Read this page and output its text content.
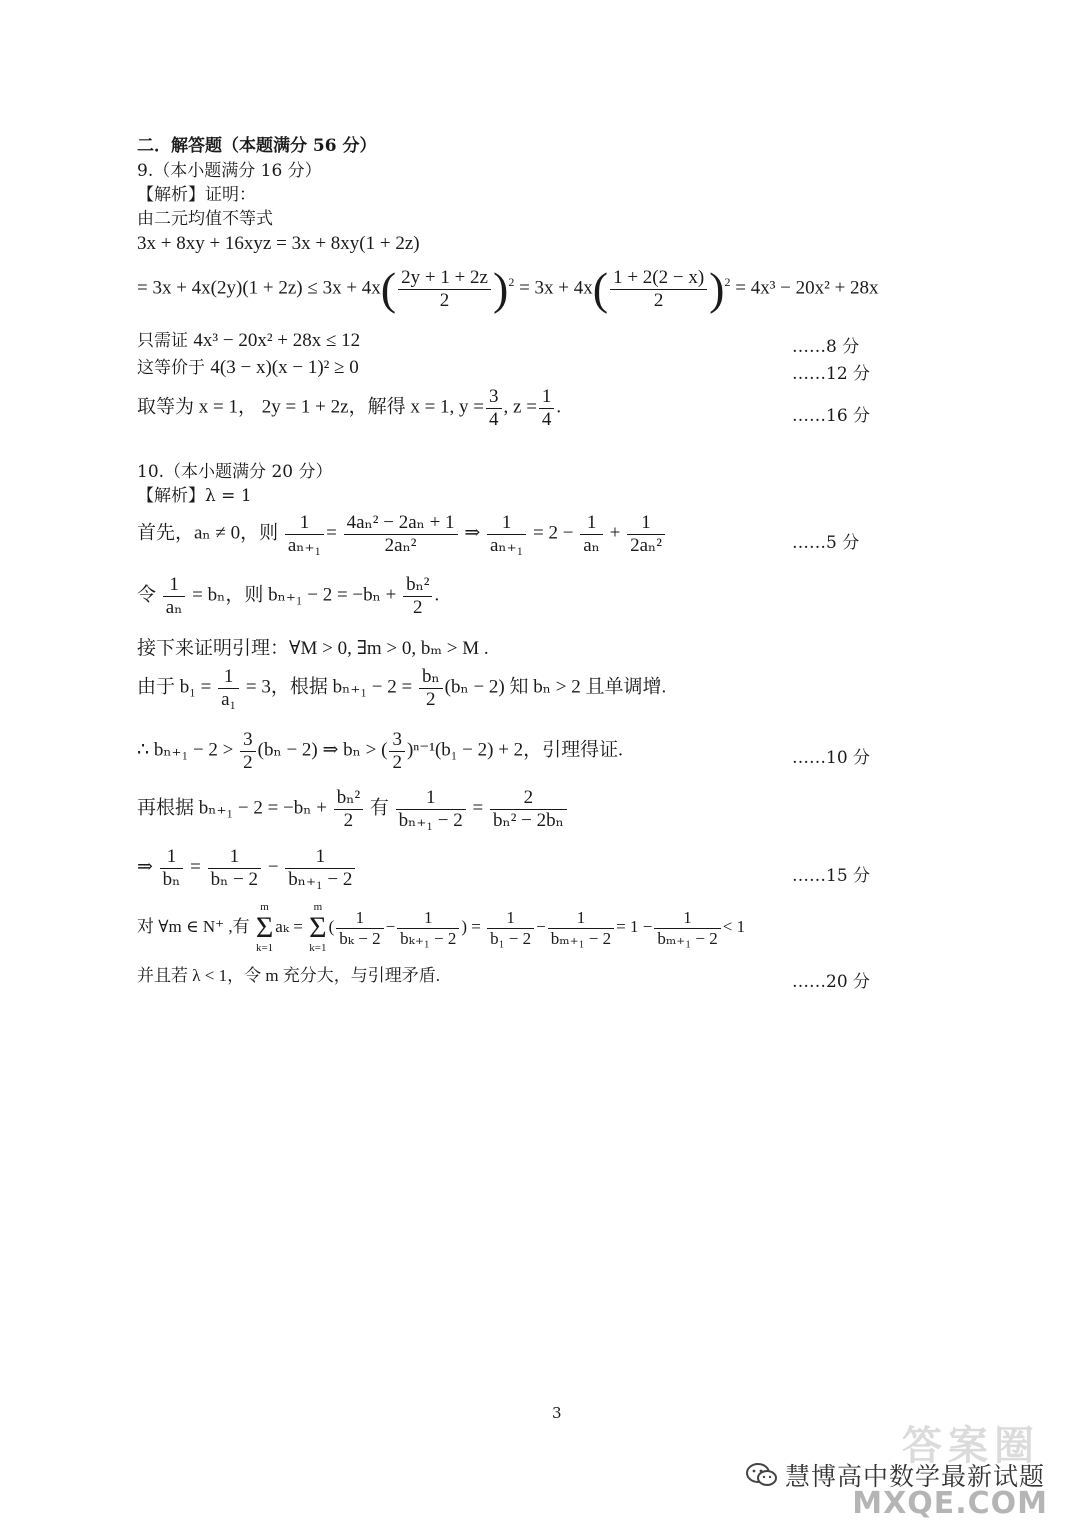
二．解答题（本题满分 56 分）
9.（本小题满分 16 分）
【解析】证明：
由二元均值不等式
3x + 8xy + 16xyz = 3x + 8xy(1 + 2z)
= $3x + 4x(2y)(1 + 2z) \le 3x + 4x( \frac{2y + 1 + 2z}{2} )^2 = 3x + 4x( \frac{1 + 2(2 - x)}{2} )^2 = 4x^3 - 20x^2 + 28x$
只需证 4x³ − 20x² + 28x ≤ 12	……8 分
这等价于 4(3 − x)(x − 1)² ≥ 0	……12 分
取等为 x = 1， 2y = 1 + 2z，解得 x = 1, $y = \frac{3}{4}$ , $z = \frac{1}{4}$ .	……16 分
10.（本小题满分 20 分）
【解析】λ = 1
首先，aₙ ≠ 0，则 $\frac{1}{\text{aₙ₊₁}} = \frac{\text{4aₙ² − 2aₙ + 1}}{\text{2aₙ²}}$ ⇒ $\frac{1}{\text{aₙ₊₁}} = 2 - \frac{1}{\text{aₙ}} + \frac{1}{\text{2aₙ²}}$	……5 分
令 $\frac{1}{\text{aₙ}} = b_n$，则 $b_{n+1} - 2 = -b_n + \frac{\text{bₙ²}}{2}$ .
接下来证明引理：∀M > 0, ∃m > 0, bₘ > M .
由于 $b_1 = \frac{1}{\text{a₁}} = 3$，根据 $b_{n+1} - 2 = \frac{\text{bₙ}}{2} (b_n - 2)$ 知 bₙ > 2 且单调增.
∴ $b_{n+1} - 2 > \frac{3}{2} (b_n - 2)$ ⇒ bₙ > ( $\frac{3}{2} )^{n-1}(b_1 - 2) + 2$，引理得证.	……10 分
再根据 $b_{n+1} - 2 = -b_n + \frac{\text{bₙ²}}{2}$ 有 $\frac{1}{\text{bₙ₊₁ − 2}} = \frac{2}{\text{bₙ² − 2bₙ}}$
⇒ $\frac{1}{\text{bₙ}} = \frac{1}{\text{bₙ − 2}} - \frac{1}{\text{bₙ₊₁ − 2}}$	……15 分
对 ∀m ∈ N⁺ ,有 m
Σ
k=1aₖ = m
Σ
$k=1( \frac{1}{\text{bₖ − 2}} - \frac{1}{\text{bₖ₊₁ − 2}}$ ) = $\frac{1}{\text{b₁ − 2}} - \frac{1}{\text{bₘ₊₁ − 2}} = 1 - \frac{1}{\text{bₘ₊₁ − 2}} < 1$
并且若 λ < 1，令 m 充分大，与引理矛盾.	……20 分
3
答案圈
慧博高中数学最新试题
MXQE.COM
